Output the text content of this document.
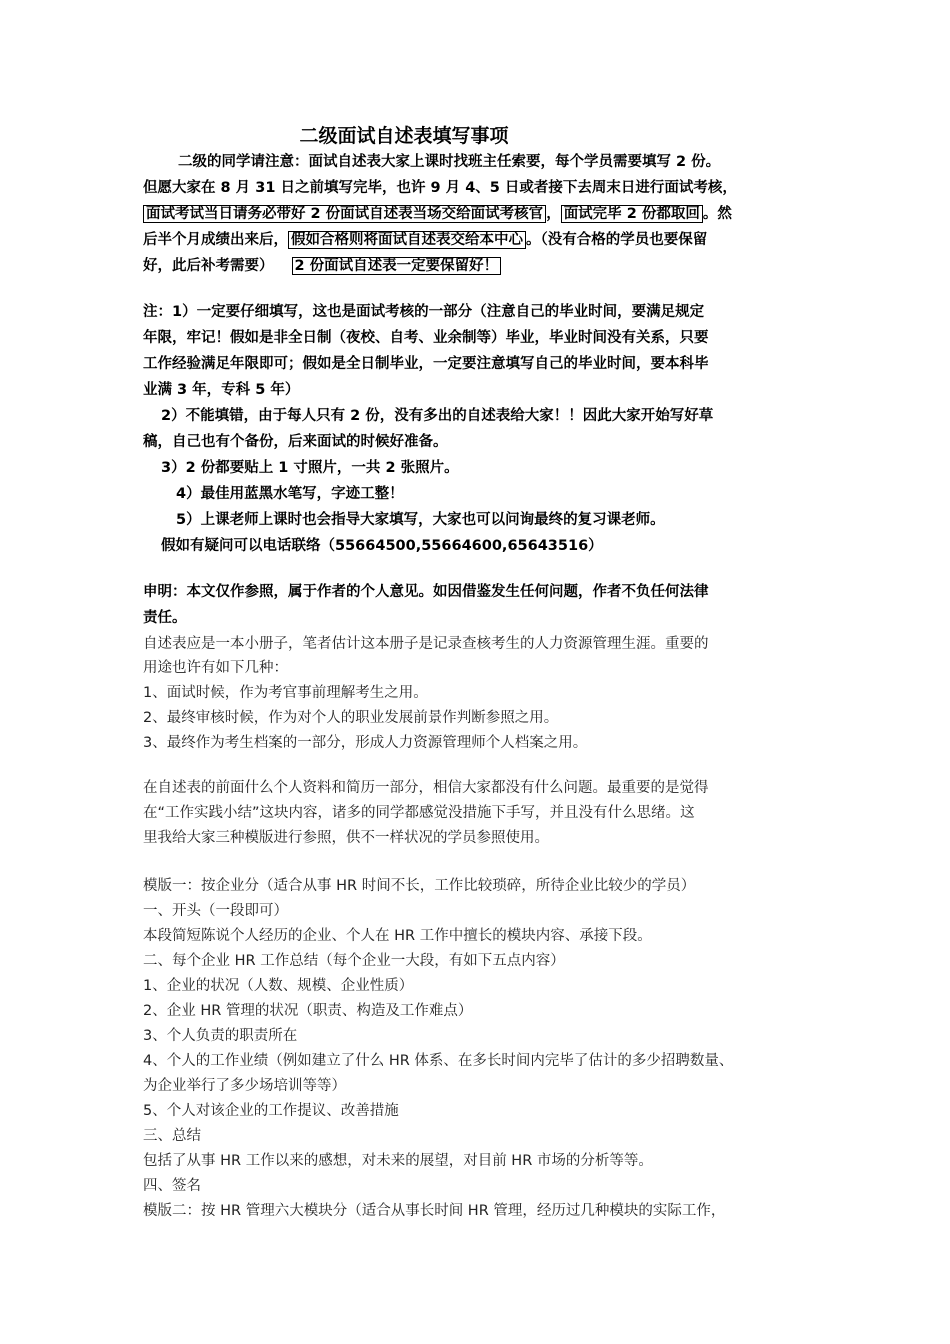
二级面试自述表填写事项
二级的同学请注意：面试自述表大家上课时找班主任索要，每个学员需要填写 2 份。
但愿大家在 8 月 31 日之前填写完毕，也许 9 月 4、5 日或者接下去周末日进行面试考核，
面试考试当日请务必带好 2 份面试自述表当场交给面试考核官 ， 面试完毕 2 份都取回 。然
后半个月成绩出来后， 假如合格则将面试自述表交给本中心 。（没有合格的学员也要保留
好，此后补考需要） 2 份面试自述表一定要保留好！
注：1）一定要仔细填写，这也是面试考核的一部分（注意自己的毕业时间，要满足规定
年限，牢记！假如是非全日制（夜校、自考、业余制等）毕业，毕业时间没有关系，只要
工作经验满足年限即可；假如是全日制毕业，一定要注意填写自己的毕业时间，要本科毕
业满 3 年，专科 5 年）
2）不能填错，由于每人只有 2 份，没有多出的自述表给大家！！因此大家开始写好草
稿，自己也有个备份，后来面试的时候好准备。
3）2 份都要贴上 1 寸照片，一共 2 张照片。
4）最佳用蓝黑水笔写，字迹工整！
5）上课老师上课时也会指导大家填写，大家也可以问询最终的复习课老师。
假如有疑问可以电话联络（55664500,55664600,65643516）
申明：本文仅作参照，属于作者的个人意见。如因借鉴发生任何问题，作者不负任何法律
责任。
自述表应是一本小册子，笔者估计这本册子是记录查核考生的人力资源管理生涯。重要的
用途也许有如下几种：
1、面试时候，作为考官事前理解考生之用。
2、最终审核时候，作为对个人的职业发展前景作判断参照之用。
3、最终作为考生档案的一部分，形成人力资源管理师个人档案之用。
在自述表的前面什么个人资料和简历一部分，相信大家都没有什么问题。最重要的是觉得
在“工作实践小结”这块内容，诸多的同学都感觉没措施下手写，并且没有什么思绪。这
里我给大家三种模版进行参照，供不一样状况的学员参照使用。
模版一：按企业分（适合从事 HR 时间不长，工作比较琐碎，所待企业比较少的学员）
一、开头（一段即可）
本段简短陈说个人经历的企业、个人在 HR 工作中擅长的模块内容、承接下段。
二、每个企业 HR 工作总结（每个企业一大段，有如下五点内容）
1、企业的状况（人数、规模、企业性质）
2、企业 HR 管理的状况（职责、构造及工作难点）
3、个人负责的职责所在
4、个人的工作业绩（例如建立了什么 HR 体系、在多长时间内完毕了估计的多少招聘数量、
为企业举行了多少场培训等等）
5、个人对该企业的工作提议、改善措施
三、总结
包括了从事 HR 工作以来的感想，对未来的展望，对目前 HR 市场的分析等等。
四、签名
模版二：按 HR 管理六大模块分（适合从事长时间 HR 管理，经历过几种模块的实际工作，
